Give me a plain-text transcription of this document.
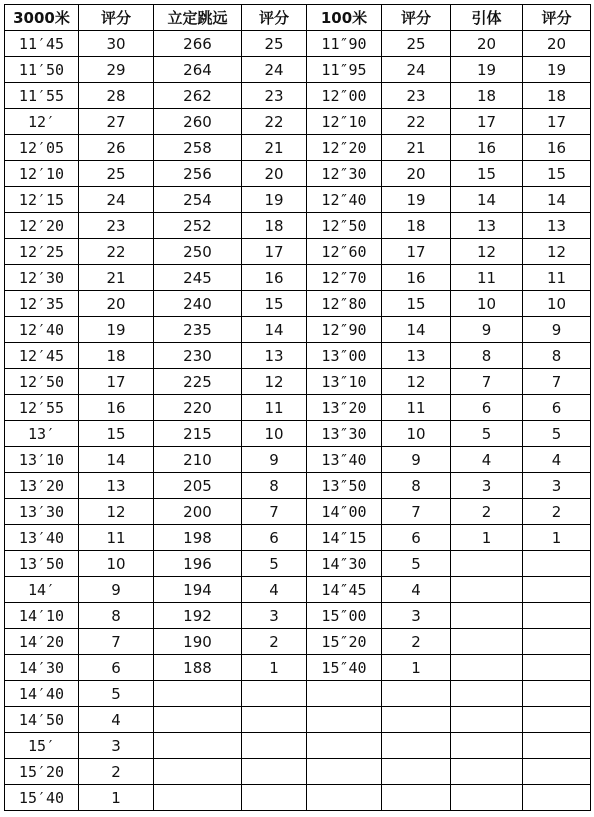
3000米	评分	立定跳远	评分	100米	评分	引体	评分
11′45	30	266	25	11″90	25	20	20
11′50	29	264	24	11″95	24	19	19
11′55	28	262	23	12″00	23	18	18
12′	27	260	22	12″10	22	17	17
12′05	26	258	21	12″20	21	16	16
12′10	25	256	20	12″30	20	15	15
12′15	24	254	19	12″40	19	14	14
12′20	23	252	18	12″50	18	13	13
12′25	22	250	17	12″60	17	12	12
12′30	21	245	16	12″70	16	11	11
12′35	20	240	15	12″80	15	10	10
12′40	19	235	14	12″90	14	9	9
12′45	18	230	13	13″00	13	8	8
12′50	17	225	12	13″10	12	7	7
12′55	16	220	11	13″20	11	6	6
13′	15	215	10	13″30	10	5	5
13′10	14	210	9	13″40	9	4	4
13′20	13	205	8	13″50	8	3	3
13′30	12	200	7	14″00	7	2	2
13′40	11	198	6	14″15	6	1	1
13′50	10	196	5	14″30	5		
14′	9	194	4	14″45	4		
14′10	8	192	3	15″00	3		
14′20	7	190	2	15″20	2		
14′30	6	188	1	15″40	1		
14′40	5						
14′50	4						
15′	3						
15′20	2						
15′40	1						
